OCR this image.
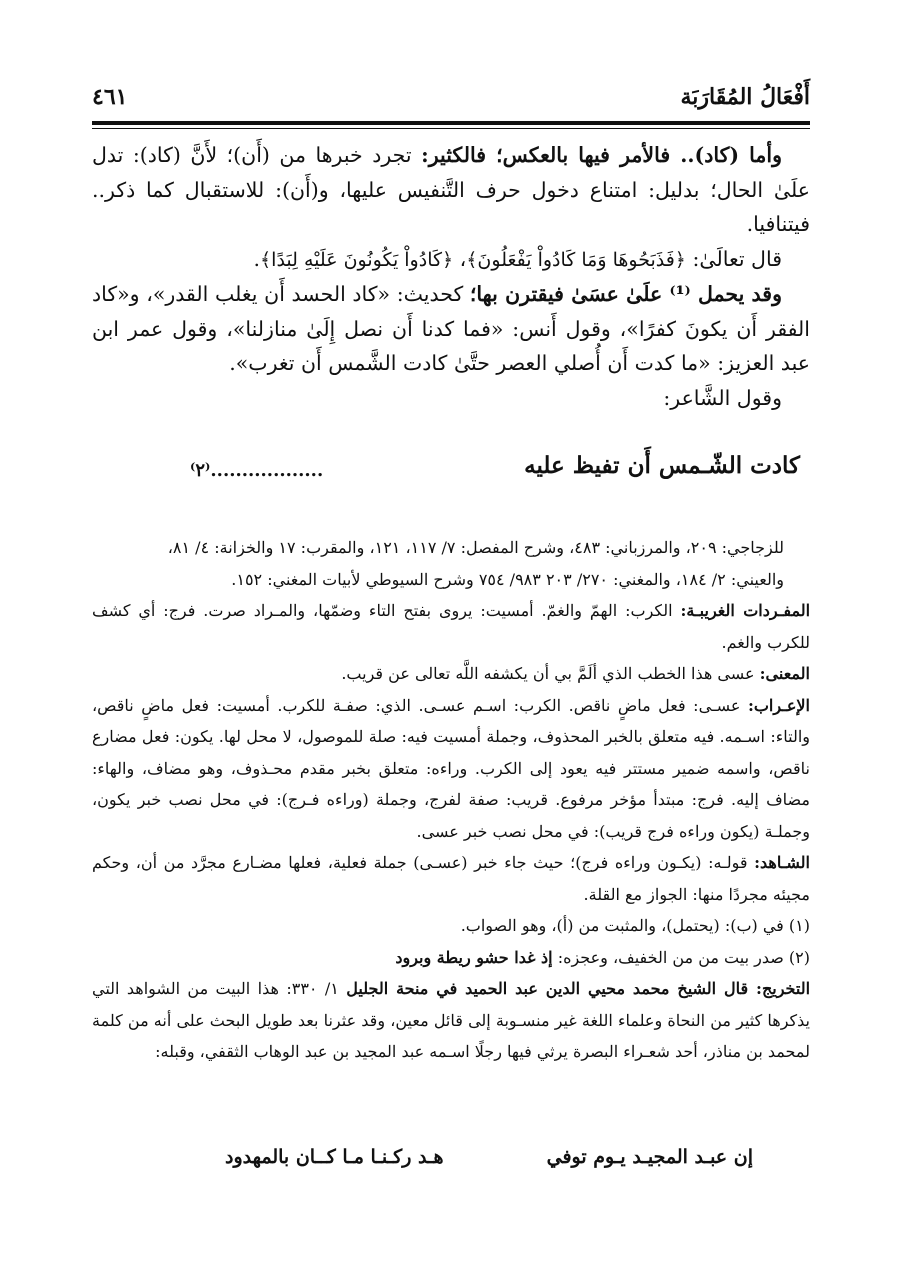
أَفْعَالُ المُقَارَبَة
٤٦١

وأما (كاد).. فالأمر فيها بالعكس؛ فالكثير: تجرد خبرها من (أَن)؛ لأَنَّ (كاد): تدل علَىٰ الحال؛ بدليل: امتناع دخول حرف التَّنفيس عليها، و(أَن): للاستقبال كما ذكر.. فيتنافيا.

قال تعالَىٰ: ﴿فَذَبَحُوهَا وَمَا كَادُواْ يَفْعَلُونَ﴾، ﴿كَادُواْ يَكُونُونَ عَلَيْهِ لِبَدًا﴾.

وقد يحمل ⁽¹⁾ علَىٰ عسَىٰ فيقترن بها؛ كحديث: «كاد الحسد أَن يغلب القدر»، و«كاد الفقر أَن يكونَ كفرًا»، وقول أَنس: «فما كدنا أَن نصل إِلَىٰ منازلنا»، وقول عمر ابن عبد العزيز: «ما كدت أَن أُصلي العصر حتَّىٰ كادت الشَّمس أَن تغرب».

وقول الشَّاعر:

كادت الشّـمس أَن تفيظ عليه
..................⁽٢⁾

للزجاجي: ٢٠٩، والمرزباني: ٤٨٣، وشرح المفصل: ٧/ ١١٧، ١٢١، والمقرب: ١٧ والخزانة: ٤/ ٨١،

والعيني: ٢/ ١٨٤، والمغني: ٢٧٠/ ٢٠٣ ٩٨٣/ ٧٥٤ وشرح السيوطي لأبيات المغني: ١٥٢.

المفـردات الغريبـة: الكرب: الهمّ والغمّ. أمسيت: يروى بفتح التاء وضمّها، والمـراد صرت. فرج: أي كشف للكرب والغم.

المعنى: عسى هذا الخطب الذي ألَمَّ بي أن يكشفه اللَّه تعالى عن قريب.

الإعـراب: عسـى: فعل ماضٍ ناقص. الكرب: اسـم عسـى. الذي: صفـة للكرب. أمسيت: فعل ماضٍ ناقص، والتاء: اسـمه. فيه متعلق بالخبر المحذوف، وجملة أمسيت فيه: صلة للموصول، لا محل لها. يكون: فعل مضارع ناقص، واسمه ضمير مستتر فيه يعود إلى الكرب. وراءه: متعلق بخبر مقدم محـذوف، وهو مضاف، والهاء: مضاف إليه. فرج: مبتدأ مؤخر مرفوع. قريب: صفة لفرج، وجملة (وراءه فـرج): في محل نصب خبر يكون، وجملـة (يكون وراءه فرج قريب): في محل نصب خبر عسى.

الشـاهد: قولـه: (يكـون وراءه فرج)؛ حيث جاء خبر (عسـى) جملة فعلية، فعلها مضـارع مجرَّد من أن، وحكم مجيئه مجردًا منها: الجواز مع القلة.

(١) في (ب): (يحتمل)، والمثبت من (أ)، وهو الصواب.

(٢) صدر بيت من من الخفيف، وعجزه: إذ غدا حشو ريطة وبرود

التخريج: قال الشيخ محمد محيي الدين عبد الحميد في منحة الجليل ١/ ٣٣٠: هذا البيت من الشواهد التي يذكرها كثير من النحاة وعلماء اللغة غير منسـوبة إلى قائل معين، وقد عثرنا بعد طويل البحث على أنه من كلمة لمحمد بن مناذر، أحد شعـراء البصرة يرثي فيها رجلًا اسـمه عبد المجيد بن عبد الوهاب الثقفي، وقبله:

إن عبـد المجيـد يـوم توفي
هـد ركـنـا مـا كــان بالمهدود
